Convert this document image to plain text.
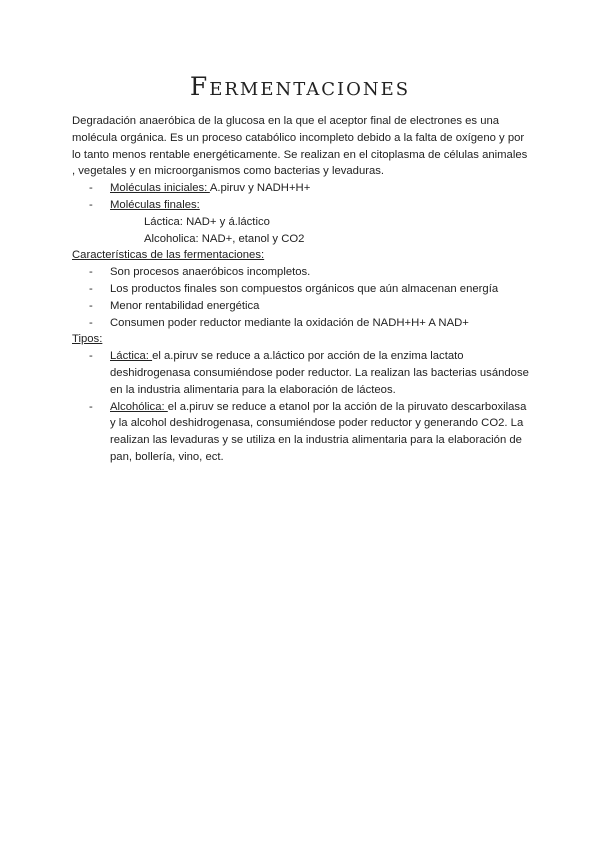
Fermentaciones

Degradación anaeróbica de la glucosa en la que el aceptor final de electrones es una molécula orgánica. Es un proceso catabólico incompleto debido a la falta de oxígeno y por lo tanto menos rentable energéticamente. Se realizan en el citoplasma de células animales , vegetales y en microorganismos como bacterias y levaduras.

- Moléculas iniciales: A.piruv y NADH+H+
- Moléculas finales:
Láctica: NAD+ y á.láctico
Alcoholica: NAD+, etanol y CO2

Características de las fermentaciones:

- Son procesos anaeróbicos incompletos.
- Los productos finales son compuestos orgánicos que aún almacenan energía
- Menor rentabilidad energética
- Consumen poder reductor mediante la oxidación de NADH+H+ A NAD+

Tipos:

- Láctica: el a.piruv se reduce a a.láctico por acción de la enzima lactato deshidrogenasa consumiéndose poder reductor. La realizan las bacterias usándose en la industria alimentaria para la elaboración de lácteos.
- Alcohólica: el a.piruv se reduce a etanol por la acción de la piruvato descarboxilasa y la alcohol deshidrogenasa, consumiéndose poder reductor y generando CO2. La realizan las levaduras y se utiliza en la industria alimentaria para la elaboración de pan, bollería, vino, ect.
